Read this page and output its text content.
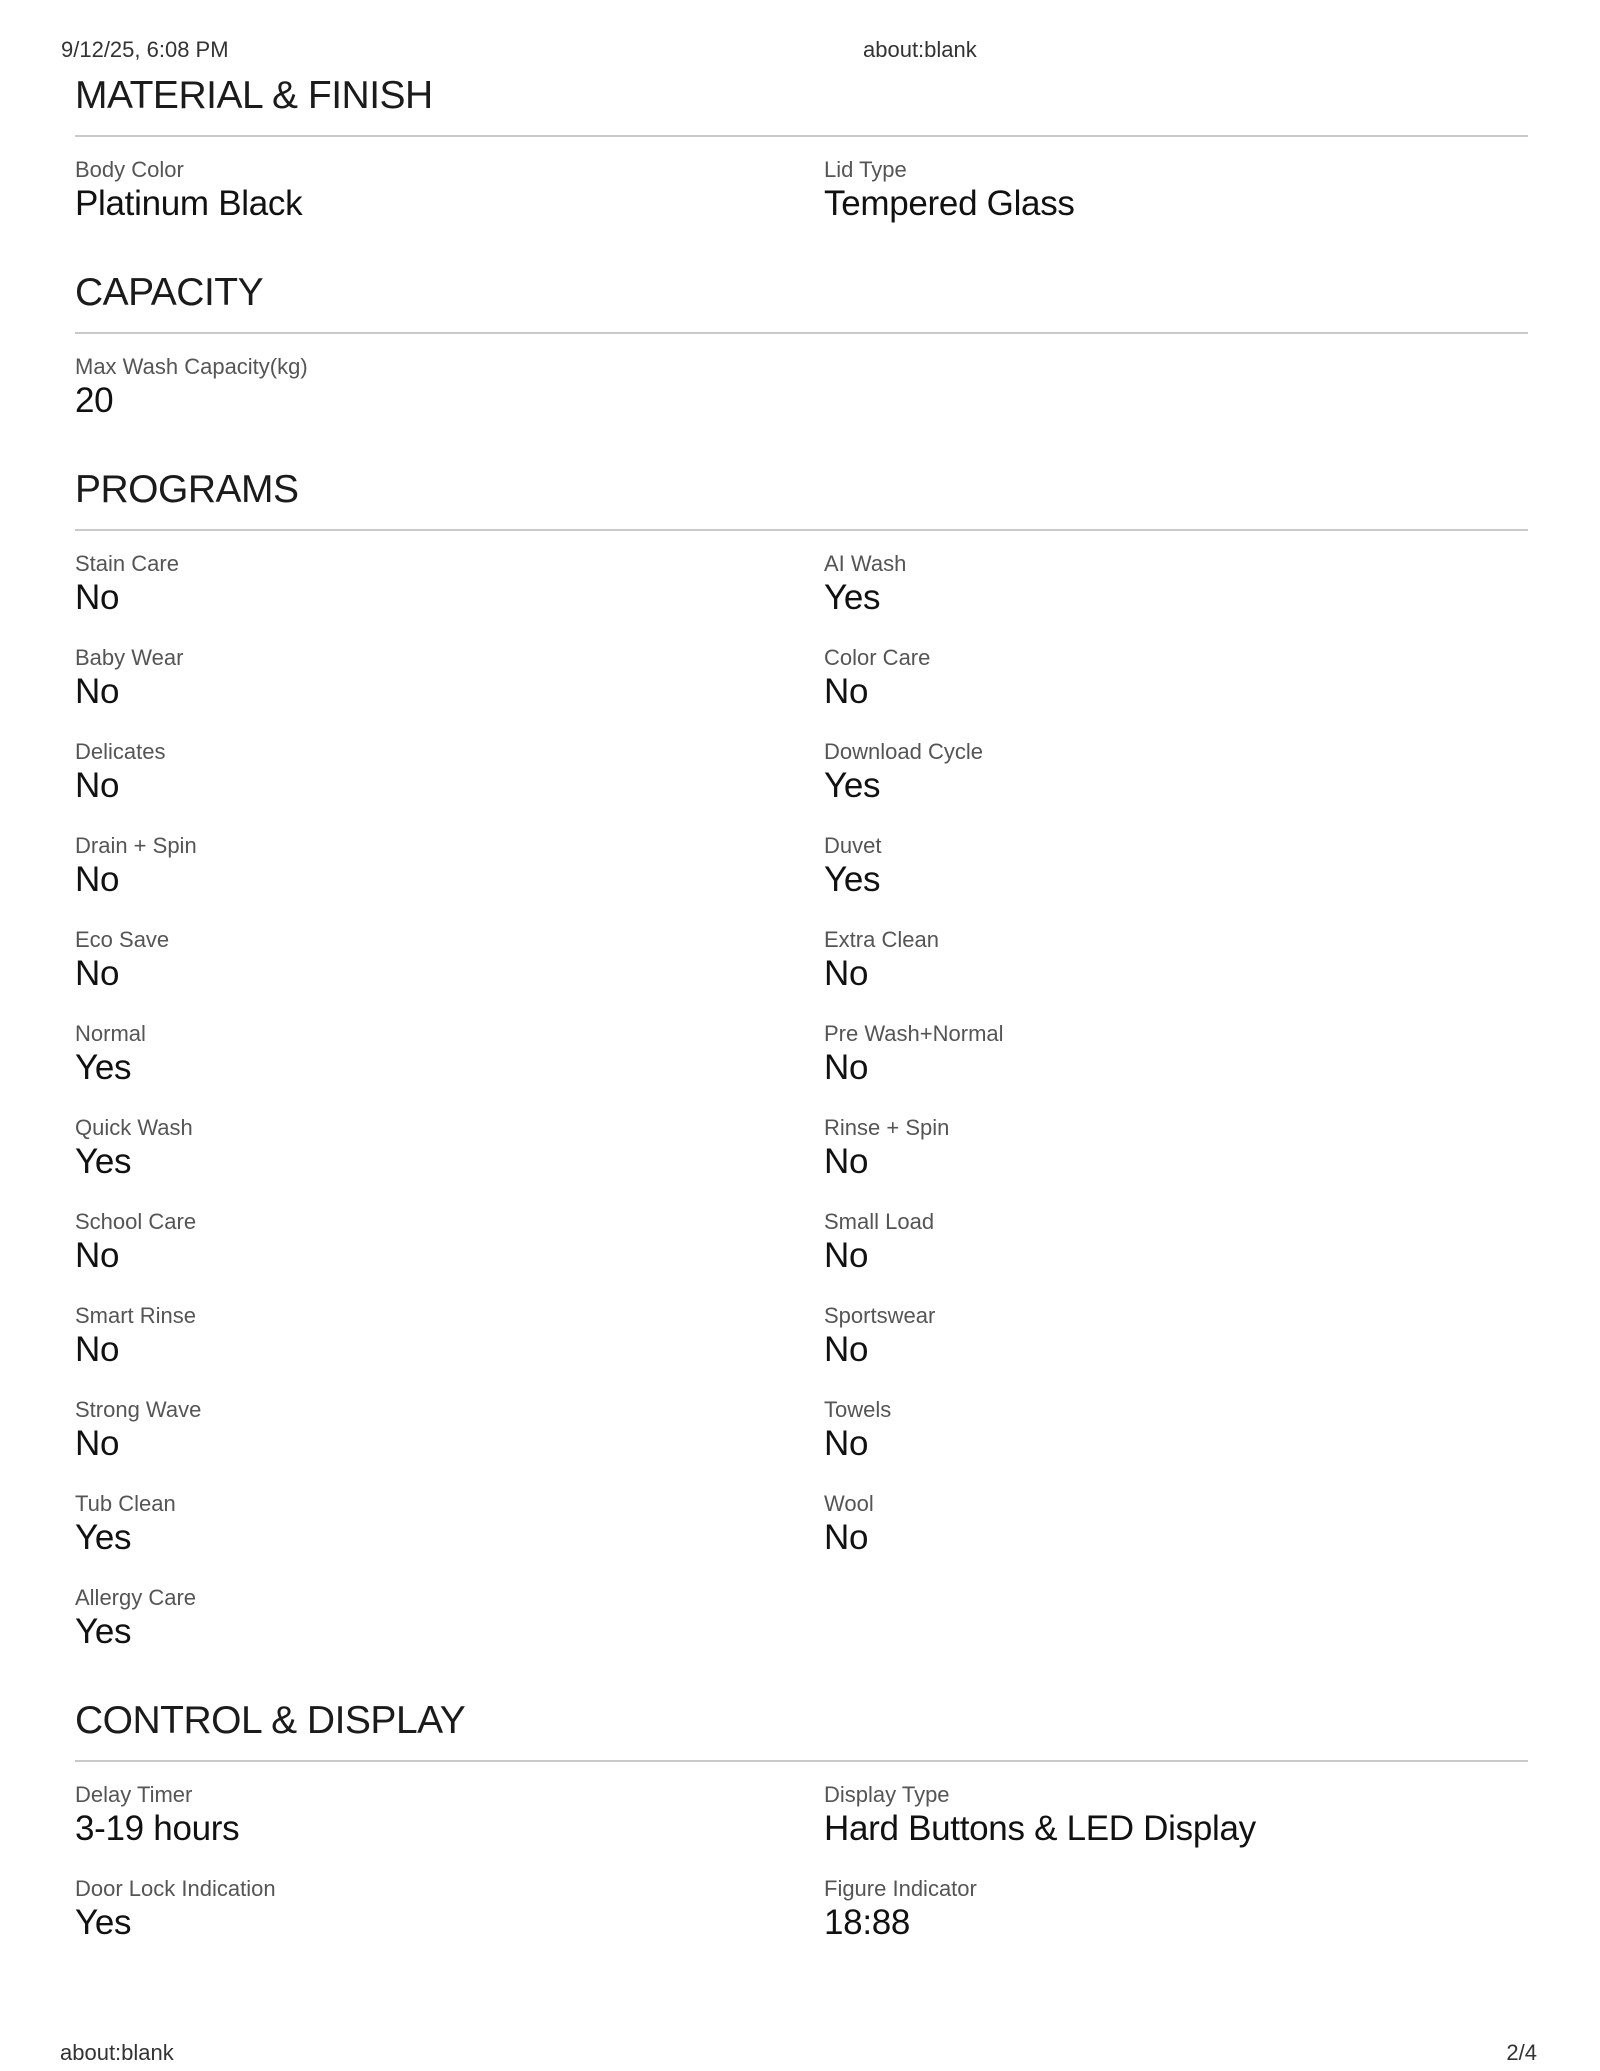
9/12/25, 6:08 PM	about:blank
MATERIAL & FINISH
Body Color
Platinum Black
Lid Type
Tempered Glass
CAPACITY
Max Wash Capacity(kg)
20
PROGRAMS
Stain Care
No
AI Wash
Yes
Baby Wear
No
Color Care
No
Delicates
No
Download Cycle
Yes
Drain + Spin
No
Duvet
Yes
Eco Save
No
Extra Clean
No
Normal
Yes
Pre Wash+Normal
No
Quick Wash
Yes
Rinse + Spin
No
School Care
No
Small Load
No
Smart Rinse
No
Sportswear
No
Strong Wave
No
Towels
No
Tub Clean
Yes
Wool
No
Allergy Care
Yes
CONTROL & DISPLAY
Delay Timer
3-19 hours
Display Type
Hard Buttons & LED Display
Door Lock Indication
Yes
Figure Indicator
18:88
about:blank	2/4
